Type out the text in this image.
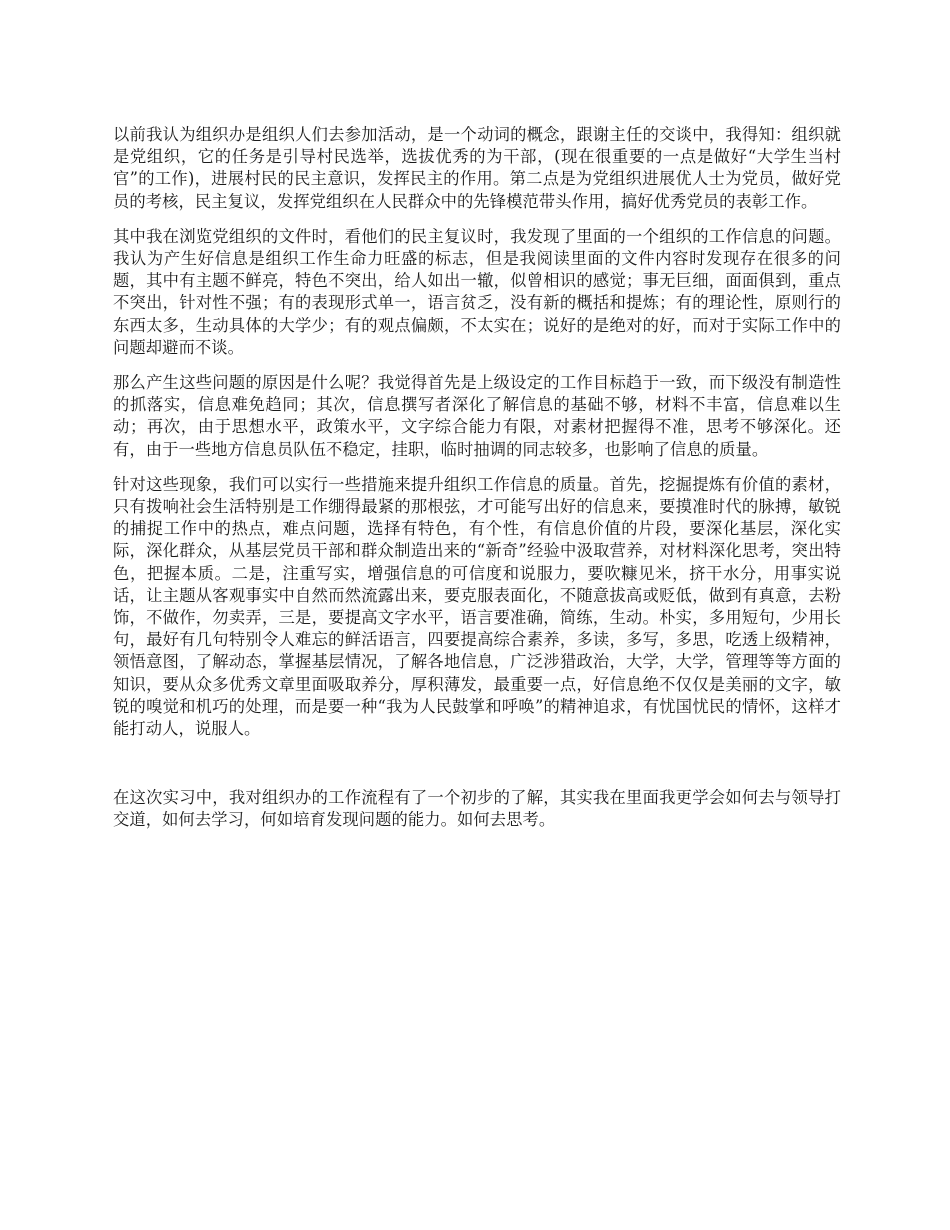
以前我认为组织办是组织人们去参加活动，是一个动词的概念，跟谢主任的交谈中，我得知：组织就是党组织，它的任务是引导村民选举，选拔优秀的为干部，(现在很重要的一点是做好“大学生当村官”的工作)，进展村民的民主意识，发挥民主的作用。第二点是为党组织进展优人士为党员，做好党员的考核，民主复议，发挥党组织在人民群众中的先锋模范带头作用，搞好优秀党员的表彰工作。

其中我在浏览党组织的文件时，看他们的民主复议时，我发现了里面的一个组织的工作信息的问题。我认为产生好信息是组织工作生命力旺盛的标志，但是我阅读里面的文件内容时发现存在很多的问题，其中有主题不鲜亮，特色不突出，给人如出一辙，似曾相识的感觉；事无巨细，面面俱到，重点不突出，针对性不强；有的表现形式单一，语言贫乏，没有新的概括和提炼；有的理论性，原则行的东西太多，生动具体的大学少；有的观点偏颇，不太实在；说好的是绝对的好，而对于实际工作中的问题却避而不谈。

那么产生这些问题的原因是什么呢？我觉得首先是上级设定的工作目标趋于一致，而下级没有制造性的抓落实，信息难免趋同；其次，信息撰写者深化了解信息的基础不够，材料不丰富，信息难以生动；再次，由于思想水平，政策水平，文字综合能力有限，对素材把握得不准，思考不够深化。还有，由于一些地方信息员队伍不稳定，挂职，临时抽调的同志较多，也影响了信息的质量。

针对这些现象，我们可以实行一些措施来提升组织工作信息的质量。首先，挖掘提炼有价值的素材，只有拨响社会生活特别是工作绷得最紧的那根弦，才可能写出好的信息来，要摸准时代的脉搏，敏锐的捕捉工作中的热点，难点问题，选择有特色，有个性，有信息价值的片段，要深化基层，深化实际，深化群众，从基层党员干部和群众制造出来的“新奇”经验中汲取营养，对材料深化思考，突出特色，把握本质。二是，注重写实，增强信息的可信度和说服力，要吹糠见米，挤干水分，用事实说话，让主题从客观事实中自然而然流露出来，要克服表面化，不随意拔高或贬低，做到有真意，去粉饰，不做作，勿卖弄，三是，要提高文字水平，语言要准确，简练，生动。朴实，多用短句，少用长句，最好有几句特别令人难忘的鲜活语言，四要提高综合素养，多读，多写，多思，吃透上级精神，领悟意图，了解动态，掌握基层情况，了解各地信息，广泛涉猎政治，大学，大学，管理等等方面的知识，要从众多优秀文章里面吸取养分，厚积薄发，最重要一点，好信息绝不仅仅是美丽的文字，敏锐的嗅觉和机巧的处理，而是要一种“我为人民鼓掌和呼唤”的精神追求，有忧国忧民的情怀，这样才能打动人，说服人。

在这次实习中，我对组织办的工作流程有了一个初步的了解，其实我在里面我更学会如何去与领导打交道，如何去学习，何如培育发现问题的能力。如何去思考。
